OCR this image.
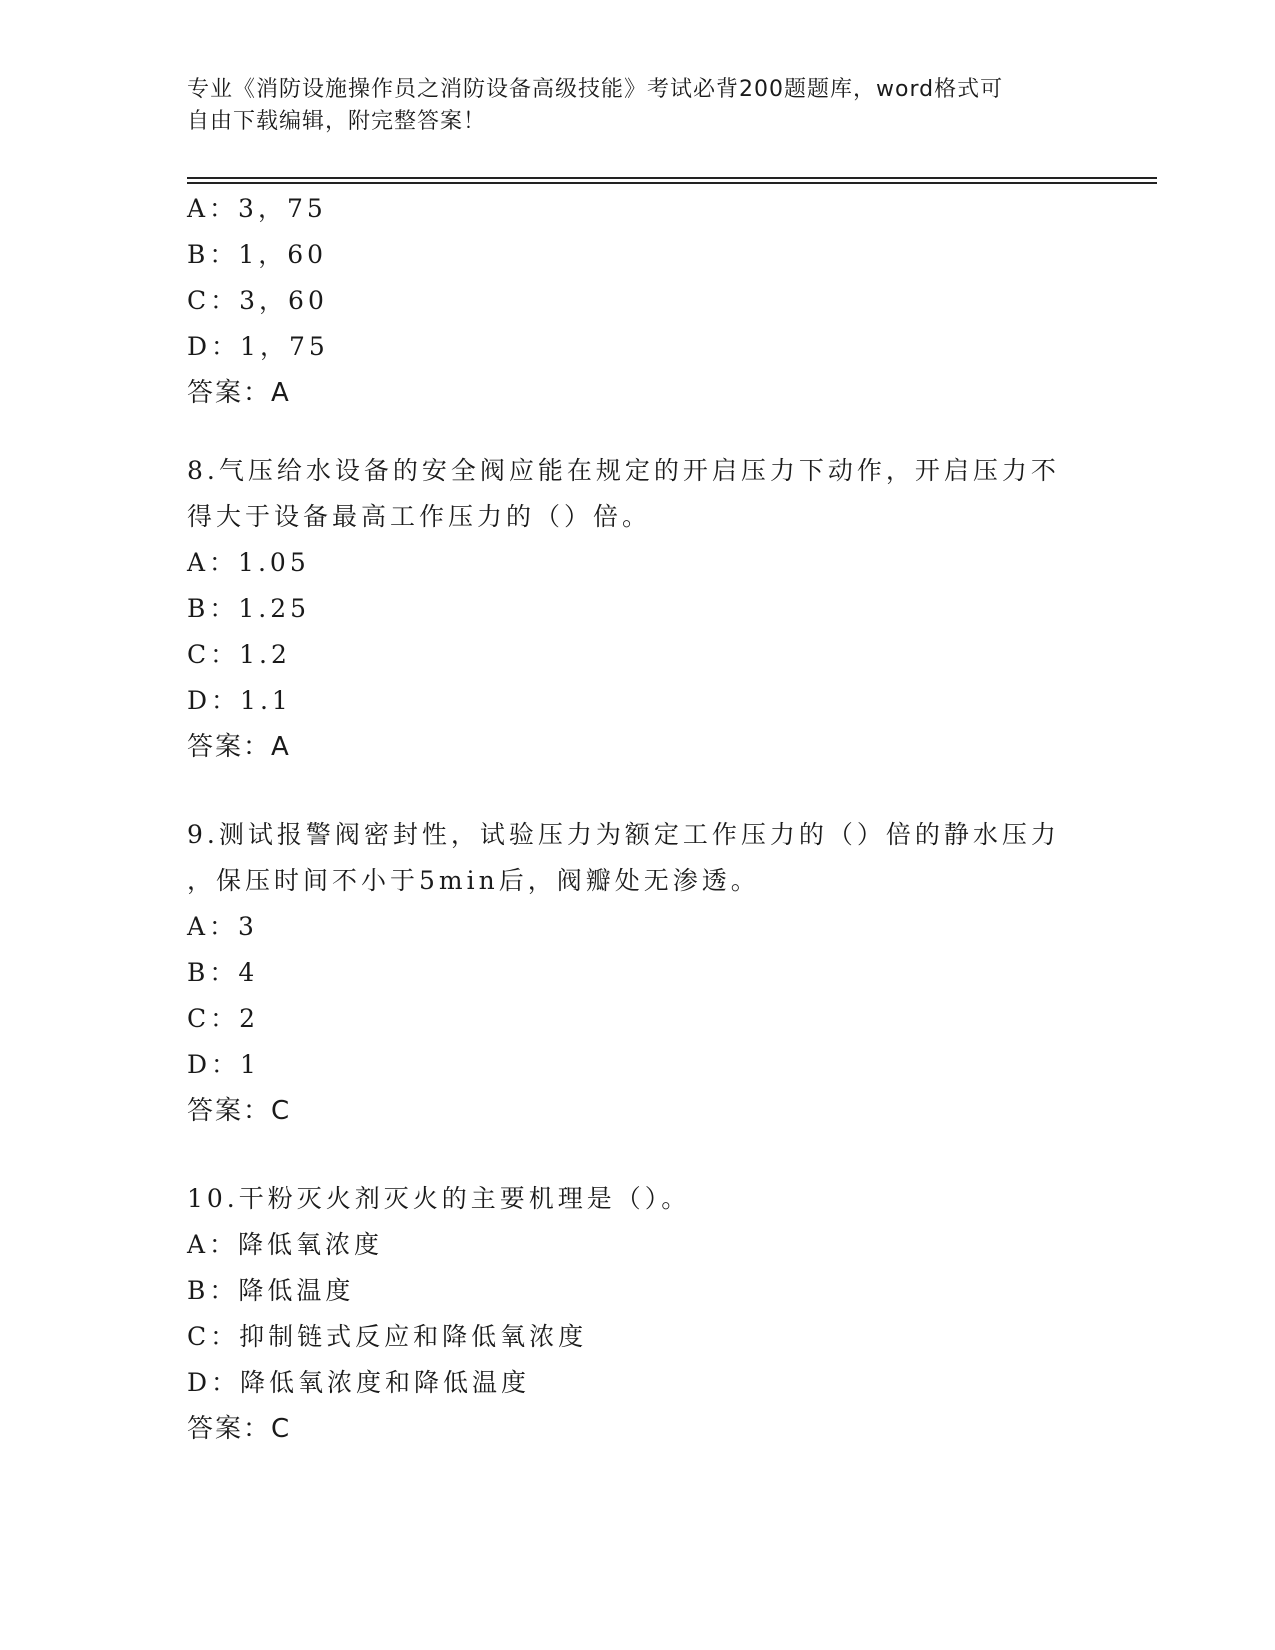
专业《消防设施操作员之消防设备高级技能》考试必背200题题库，word格式可
自由下载编辑，附完整答案！
A：3，75
B：1，60
C：3，60
D：1，75
答案：A
8.气压给水设备的安全阀应能在规定的开启压力下动作，开启压力不
得大于设备最高工作压力的（）倍。
A：1.05
B：1.25
C：1.2
D：1.1
答案：A
9.测试报警阀密封性，试验压力为额定工作压力的（）倍的静水压力
，保压时间不小于5min后，阀瓣处无渗透。
A：3
B：4
C：2
D：1
答案：C
10.干粉灭火剂灭火的主要机理是（）。
A：降低氧浓度
B：降低温度
C：抑制链式反应和降低氧浓度
D：降低氧浓度和降低温度
答案：C
